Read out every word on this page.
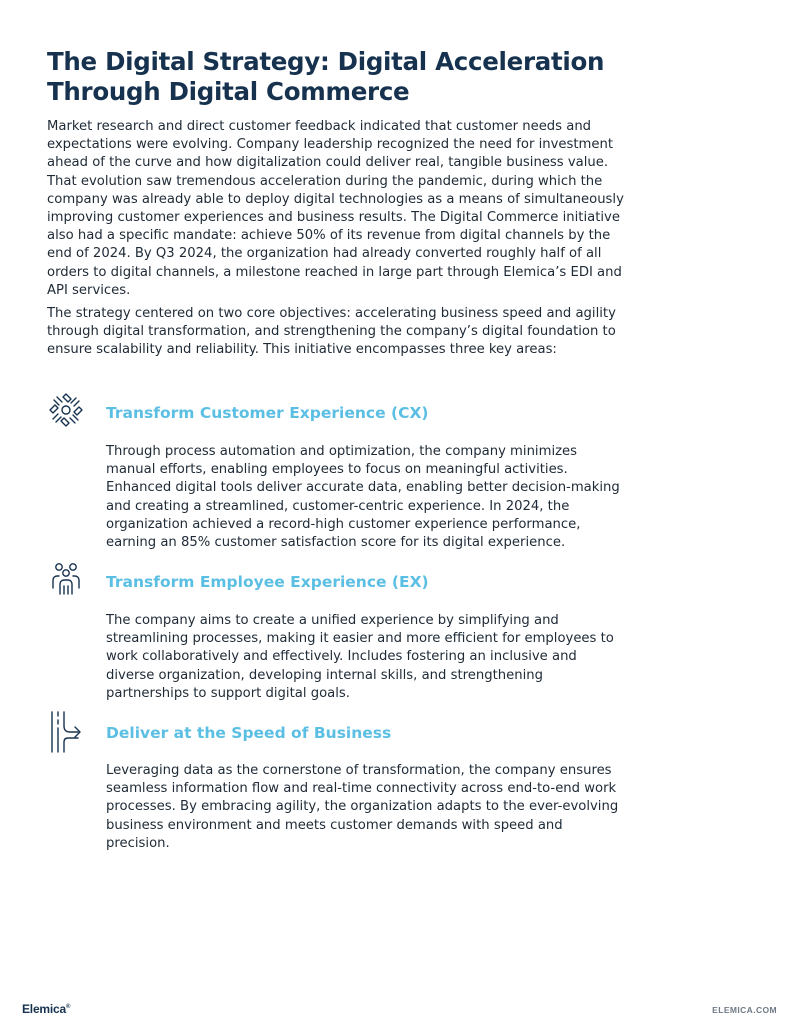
The Digital Strategy: Digital Acceleration
Through Digital Commerce

Market research and direct customer feedback indicated that customer needs and expectations were evolving. Company leadership recognized the need for investment ahead of the curve and how digitalization could deliver real, tangible business value. That evolution saw tremendous acceleration during the pandemic, during which the company was already able to deploy digital technologies as a means of simultaneously improving customer experiences and business results. The Digital Commerce initiative also had a specific mandate: achieve 50% of its revenue from digital channels by the end of 2024. By Q3 2024, the organization had already converted roughly half of all orders to digital channels, a milestone reached in large part through Elemica’s EDI and API services.

The strategy centered on two core objectives: accelerating business speed and agility through digital transformation, and strengthening the company’s digital foundation to ensure scalability and reliability. This initiative encompasses three key areas:

Transform Customer Experience (CX)

Through process automation and optimization, the company minimizes manual efforts, enabling employees to focus on meaningful activities. Enhanced digital tools deliver accurate data, enabling better decision-making and creating a streamlined, customer-centric experience. In 2024, the organization achieved a record-high customer experience performance, earning an 85% customer satisfaction score for its digital experience.

Transform Employee Experience (EX)

The company aims to create a unified experience by simplifying and streamlining processes, making it easier and more efficient for employees to work collaboratively and effectively. Includes fostering an inclusive and diverse organization, developing internal skills, and strengthening partnerships to support digital goals.

Deliver at the Speed of Business

Leveraging data as the cornerstone of transformation, the company ensures seamless information flow and real-time connectivity across end-to-end work processes. By embracing agility, the organization adapts to the ever-evolving business environment and meets customer demands with speed and precision.

Elemica®	ELEMICA.COM
